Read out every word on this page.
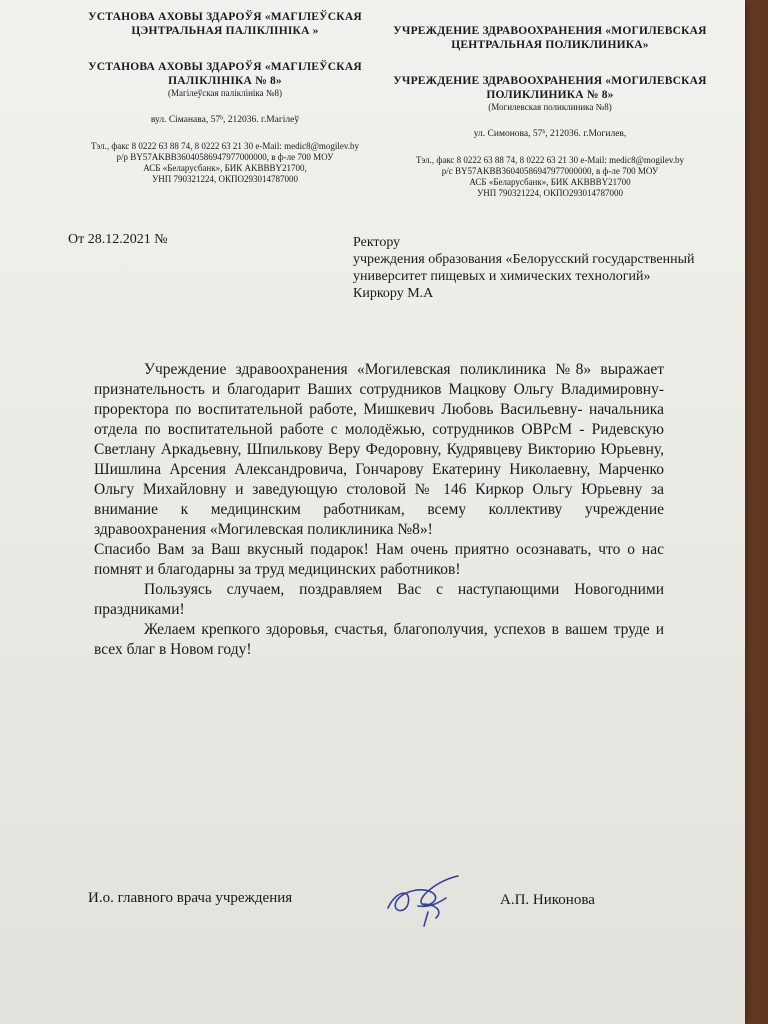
УСТАНОВА АХОВЫ ЗДАРОЎЯ «МАГІЛЕЎСКАЯ ЦЭНТРАЛЬНАЯ ПАЛІКЛІНІКА »
УСТАНОВА АХОВЫ ЗДАРОЎЯ «МАГІЛЕЎСКАЯ ПАЛІКЛІНІКА № 8»
(Магілеўская паліклініка №8)
вул. Сіманава, 57ᵇ, 212036. г.Магілеў
Тэл., факс 8 0222 63 88 74, 8 0222 63 21 30 e-Mail: medic8@mogilev.by
р/р BY57AKBB36040586947977000000, в ф-ле 700 МОУ
АСБ «Беларусбанк», БИК AKBBBY21700,
УНП 790321224, ОКПО293014787000
УЧРЕЖДЕНИЕ ЗДРАВООХРАНЕНИЯ «МОГИЛЕВСКАЯ ЦЕНТРАЛЬНАЯ ПОЛИКЛИНИКА»
УЧРЕЖДЕНИЕ ЗДРАВООХРАНЕНИЯ «МОГИЛЕВСКАЯ ПОЛИКЛИНИКА № 8»
(Могилевская поликлиника №8)
ул. Симонова, 57ᵇ, 212036. г.Могилев,
Тэл., факс 8 0222 63 88 74, 8 0222 63 21 30 e-Mail: medic8@mogilev.by
р/с BY57AKBB36040586947977000000, в ф-ле 700 МОУ
АСБ «Беларусбанк», БИК AKBBBY21700
УНП 790321224, ОКПО293014787000
От 28.12.2021 №	Ректору
учреждения образования «Белорусский государственный университет пищевых и химических технологий»
Киркору М.А

Учреждение здравоохранения «Могилевская поликлиника №8» выражает признательность и благодарит Ваших сотрудников Мацкову Ольгу Владимировну- проректора по воспитательной работе, Мишкевич Любовь Васильевну- начальника отдела по воспитательной работе с молодёжью, сотрудников ОВРсМ - Ридевскую Светлану Аркадьевну, Шпилькову Веру Федоровну, Кудрявцеву Викторию Юрьевну, Шишлина Арсения Александровича, Гончарову Екатерину Николаевну, Марченко Ольгу Михайловну и заведующую столовой № 146 Киркор Ольгу Юрьевну за внимание к медицинским работникам, всему коллективу учреждение здравоохранения «Могилевская поликлиника №8»!

Спасибо Вам за Ваш вкусный подарок! Нам очень приятно осознавать, что о нас помнят и благодарны за труд медицинских работников!

Пользуясь случаем, поздравляем Вас с наступающими Новогодними праздниками!

Желаем крепкого здоровья, счастья, благополучия, успехов в вашем труде и всех благ в Новом году!

И.о. главного врача учреждения	А.П. Никонова
